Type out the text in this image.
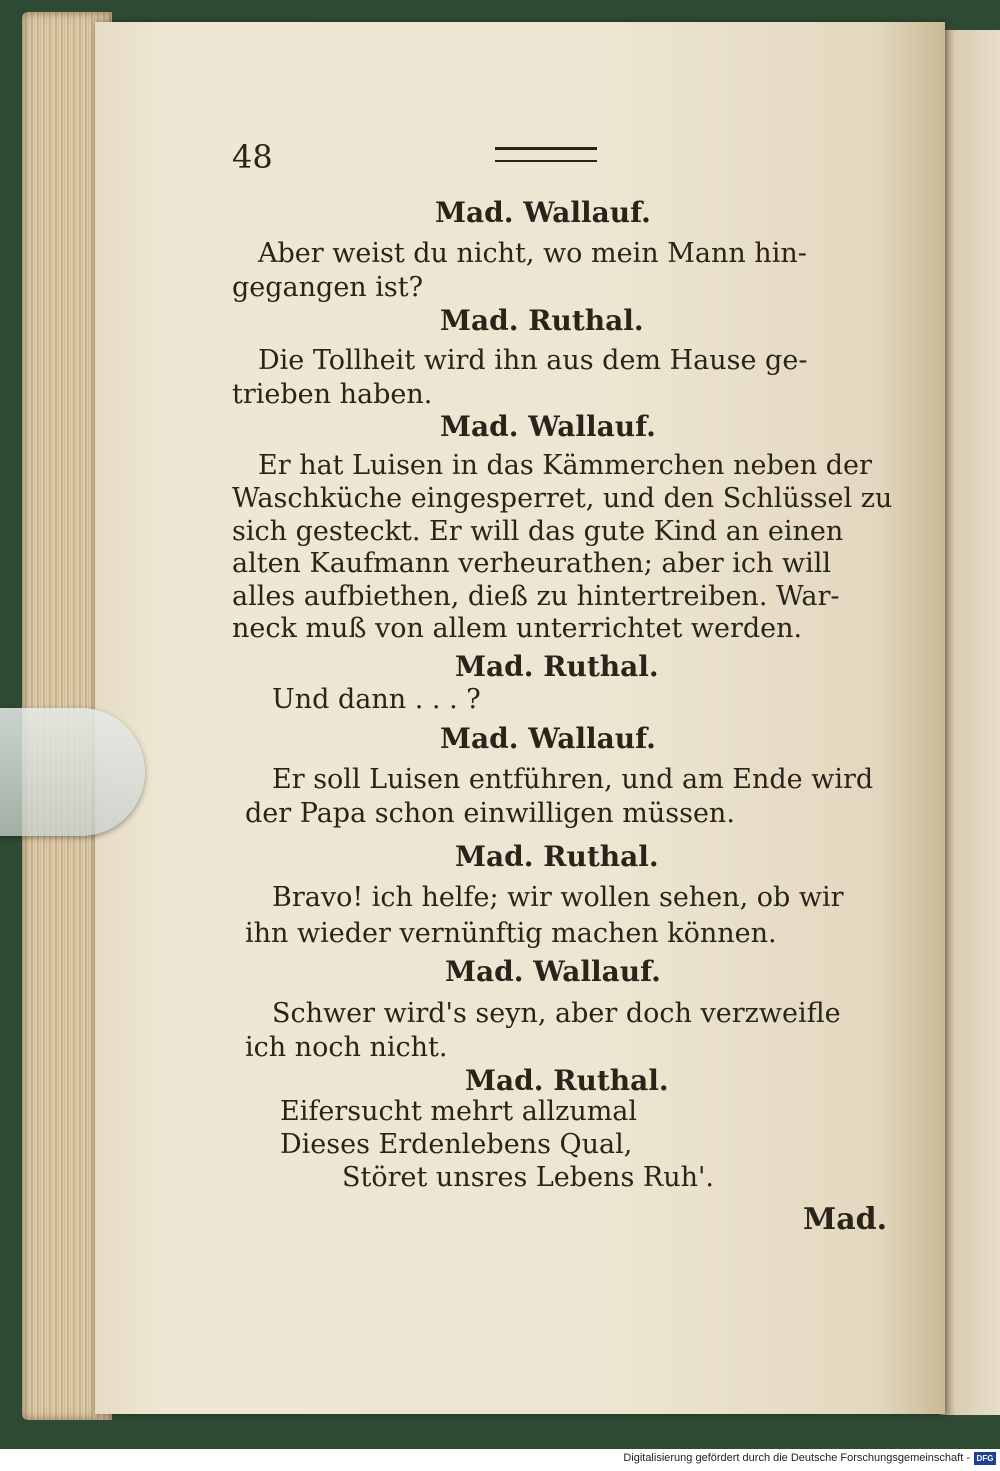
48
Mad. Wallauf.
Aber weist du nicht, wo mein Mann hin-
gegangen ist?
Mad. Ruthal.
Die Tollheit wird ihn aus dem Hause ge-
trieben haben.
Mad. Wallauf.
Er hat Luisen in das Kämmerchen neben der
Waschküche eingesperret, und den Schlüssel zu
sich gesteckt. Er will das gute Kind an einen
alten Kaufmann verheurathen; aber ich will
alles aufbiethen, dieß zu hintertreiben. War-
neck muß von allem unterrichtet werden.
Mad. Ruthal.
Und dann . . . ?
Mad. Wallauf.
Er soll Luisen entführen, und am Ende wird
der Papa schon einwilligen müssen.
Mad. Ruthal.
Bravo! ich helfe; wir wollen sehen, ob wir
ihn wieder vernünftig machen können.
Mad. Wallauf.
Schwer wird's seyn, aber doch verzweifle
ich noch nicht.
Mad. Ruthal.
Eifersucht mehrt allzumal
Dieses Erdenlebens Qual,
Störet unsres Lebens Ruh'.
Mad.
Digitalisierung gefördert durch die Deutsche Forschungsgemeinschaft - DFG
